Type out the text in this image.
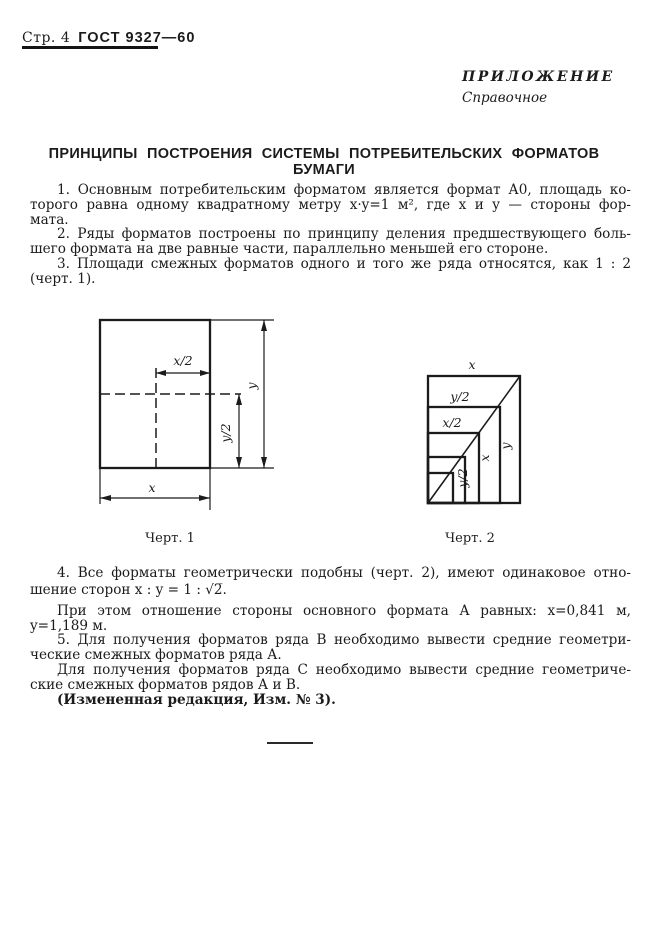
Стр. 4 ГОСТ 9327—60
ПРИЛОЖЕНИЕ
Справочное
ПРИНЦИПЫ ПОСТРОЕНИЯ СИСТЕМЫ ПОТРЕБИТЕЛЬСКИХ ФОРМАТОВ БУМАГИ
1. Основным потребительским форматом является формат А0, площадь ко-
торого равна одному квадратному метру x·y=1 м², где x и y — стороны фор-
мата.
2. Ряды форматов построены по принципу деления предшествующего боль-
шего формата на две равные части, параллельно меньшей его стороне.
3. Площади смежных форматов одного и того же ряда относятся, как 1 : 2
(черт. 1).
x/2
y
y/2
x
Черт. 1
x
y/2
x/2
y
x
y/2
Черт. 2
4. Все форматы геометрически подобны (черт. 2), имеют одинаковое отно-
шение сторон x : y = 1 : √2̅.
При этом отношение стороны основного формата А равных: x=0,841 м,
y=1,189 м.
5. Для получения форматов ряда В необходимо вывести средние геометри-
ческие смежных форматов ряда А.
Для получения форматов ряда С необходимо вывести средние геометриче-
ские смежных форматов рядов А и В.
(Измененная редакция, Изм. № 3).
